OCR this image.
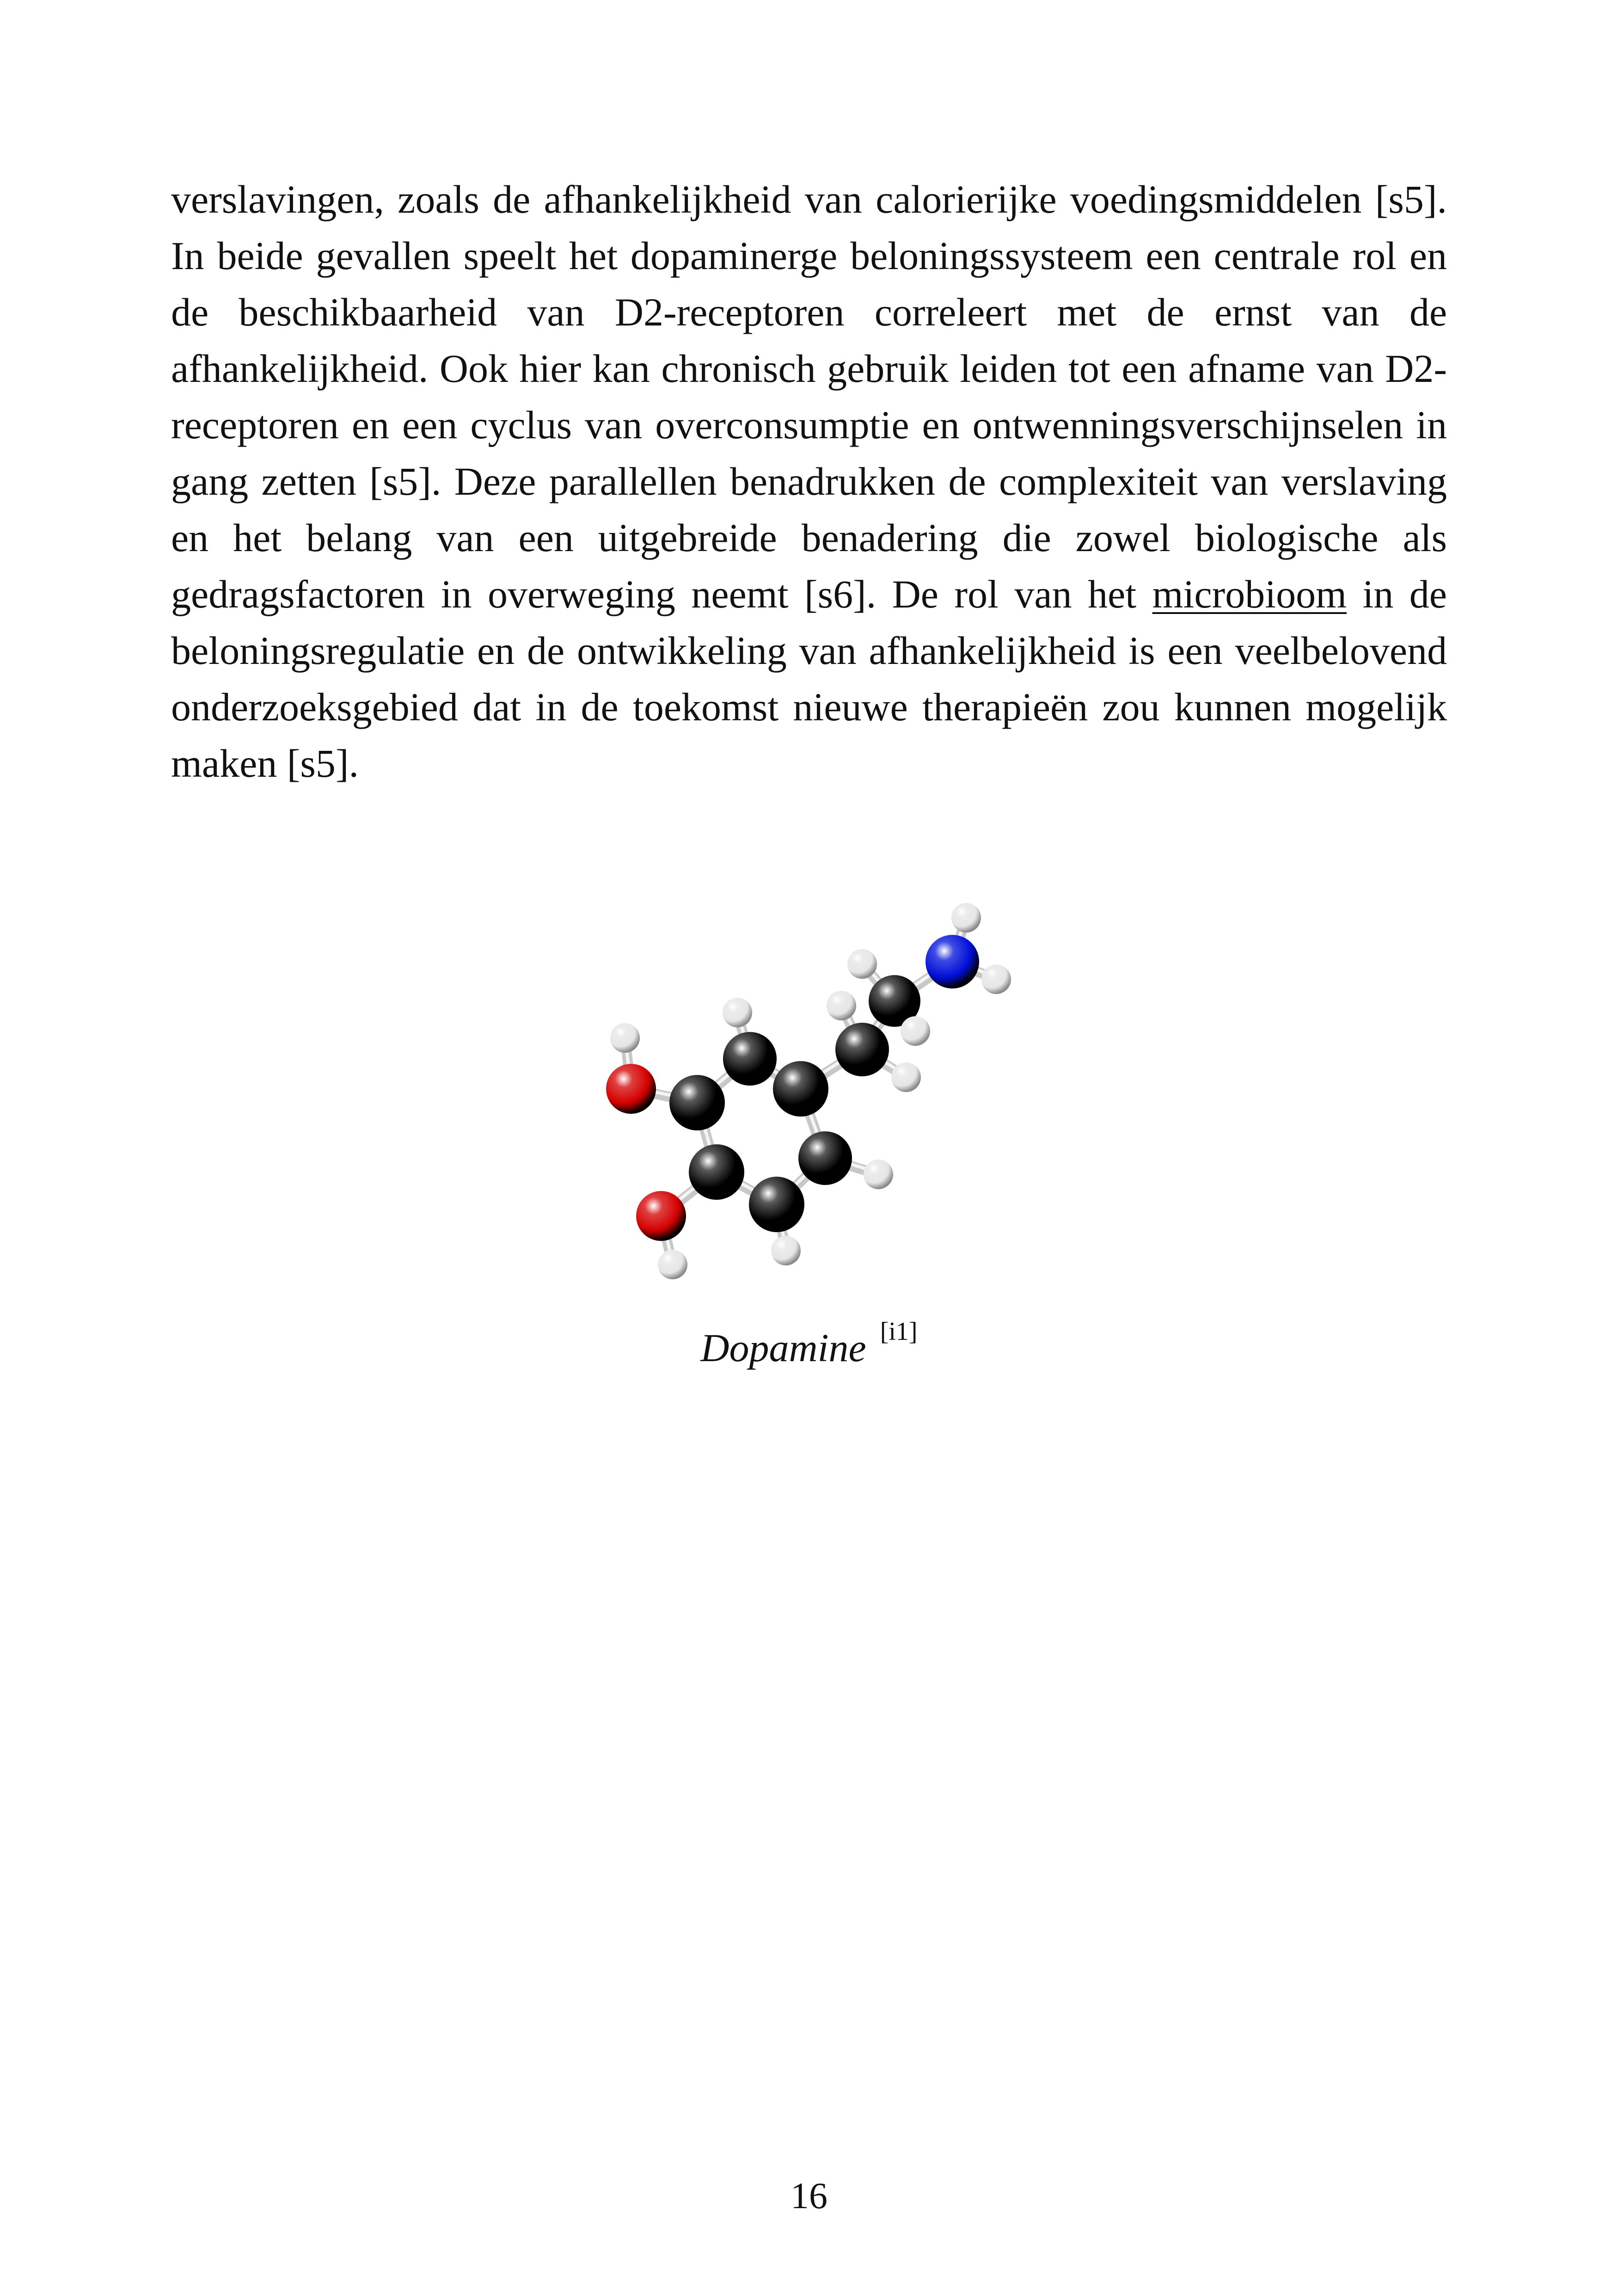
verslavingen, zoals de afhankelijkheid van calorierijke voedingsmiddelen [s5]. In beide gevallen speelt het dopaminerge beloningssysteem een centrale rol en de beschikbaarheid van D2-receptoren correleert met de ernst van de afhankelijkheid. Ook hier kan chronisch gebruik leiden tot een afname van D2-receptoren en een cyclus van overconsumptie en ontwenningsverschijnselen in gang zetten [s5]. Deze parallellen benadrukken de complexiteit van verslaving en het belang van een uitgebreide benadering die zowel biologische als gedragsfactoren in overweging neemt [s6]. De rol van het microbioom in de beloningsregulatie en de ontwikkeling van afhankelijkheid is een veelbelovend onderzoeksgebied dat in de toekomst nieuwe therapieën zou kunnen mogelijk maken [s5].

Dopamine [i1]

16
